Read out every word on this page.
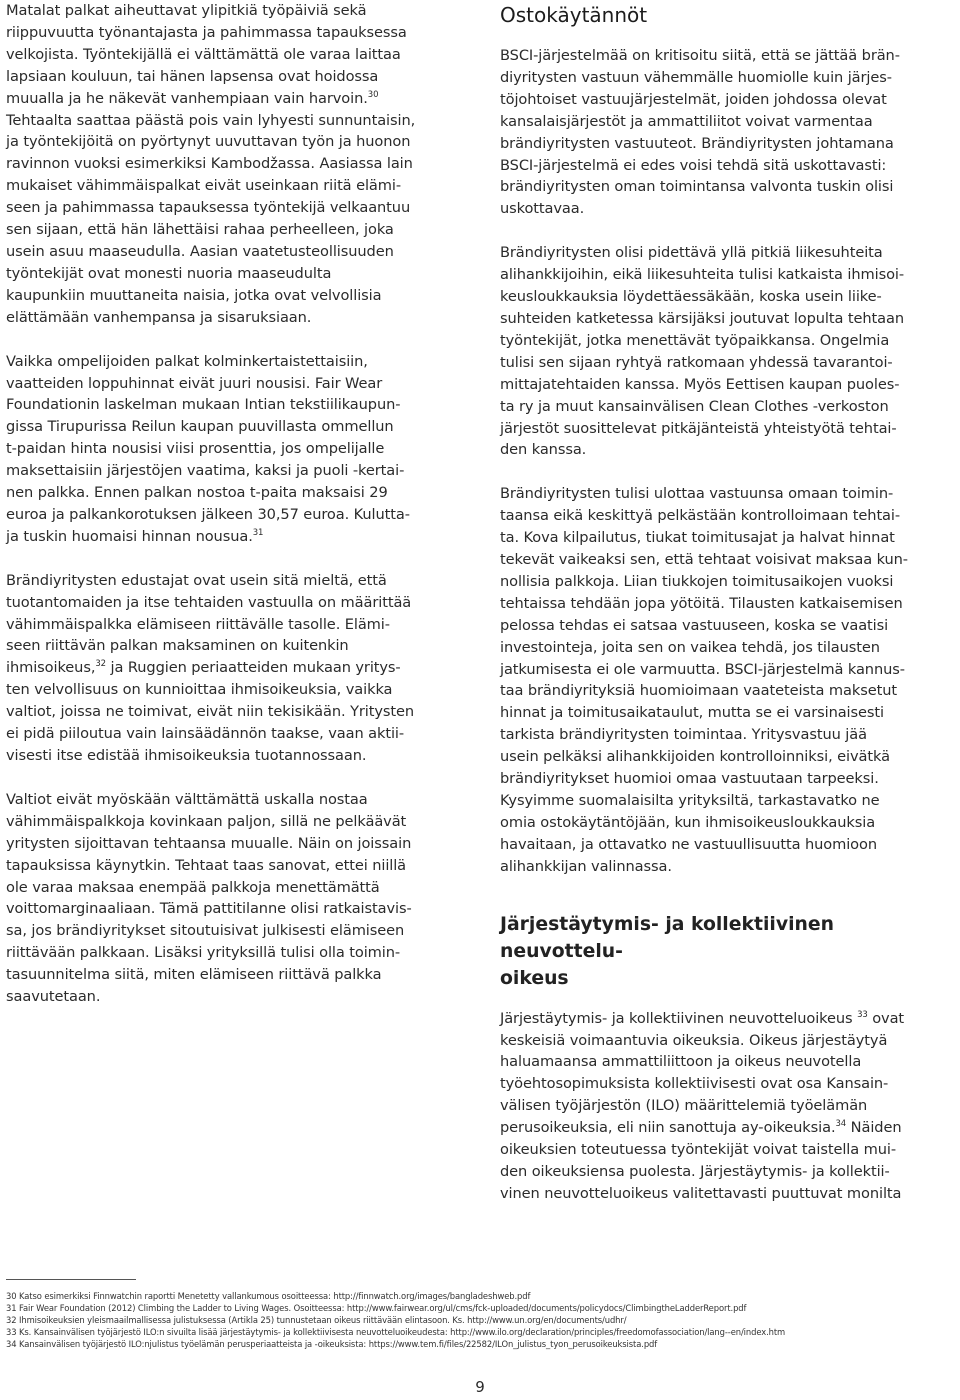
Matalat palkat aiheuttavat ylipitkiä työpäiviä sekä

riippuvuutta työnantajasta ja pahimmassa tapauksessa

velkojista. Työntekijällä ei välttämättä ole varaa laittaa

lapsiaan kouluun, tai hänen lapsensa ovat hoidossa

muualla ja he näkevät vanhempiaan vain harvoin.$^{30}$

Tehtaalta saattaa päästä pois vain lyhyesti sunnuntaisin,

ja työntekijöitä on pyörtynyt uuvuttavan työn ja huonon

ravinnon vuoksi esimerkiksi Kambodžassa. Aasiassa lain

mukaiset vähimmäispalkat eivät useinkaan riitä elämi-

seen ja pahimmassa tapauksessa työntekijä velkaantuu

sen sijaan, että hän lähettäisi rahaa perheelleen, joka

usein asuu maaseudulla. Aasian vaatetusteollisuuden

työntekijät ovat monesti nuoria maaseudulta

kaupunkiin muuttaneita naisia, jotka ovat velvollisia

elättämään vanhempansa ja sisaruksiaan.

Vaikka ompelijoiden palkat kolminkertaistettaisiin,

vaatteiden loppuhinnat eivät juuri nousisi. Fair Wear

Foundationin laskelman mukaan Intian tekstiilikaupun-

gissa Tirupurissa Reilun kaupan puuvillasta ommellun

t-paidan hinta nousisi viisi prosenttia, jos ompelijalle

maksettaisiin järjestöjen vaatima, kaksi ja puoli -kertai-

nen palkka. Ennen palkan nostoa t-paita maksaisi 29

euroa ja palkankorotuksen jälkeen 30,57 euroa. Kulutta-

ja tuskin huomaisi hinnan nousua.$^{31}$

Brändiyritysten edustajat ovat usein sitä mieltä, että

tuotantomaiden ja itse tehtaiden vastuulla on määrittää

vähimmäispalkka elämiseen riittävälle tasolle. Elämi-

seen riittävän palkan maksaminen on kuitenkin

ihmisoikeus,$^{32}$ ja Ruggien periaatteiden mukaan yritys-

ten velvollisuus on kunnioittaa ihmisoikeuksia, vaikka

valtiot, joissa ne toimivat, eivät niin tekisikään. Yritysten

ei pidä piiloutua vain lainsäädännön taakse, vaan aktii-

visesti itse edistää ihmisoikeuksia tuotannossaan.

Valtiot eivät myöskään välttämättä uskalla nostaa

vähimmäispalkkoja kovinkaan paljon, sillä ne pelkäävät

yritysten sijoittavan tehtaansa muualle. Näin on joissain

tapauksissa käynytkin. Tehtaat taas sanovat, ettei niillä

ole varaa maksaa enempää palkkoja menettämättä

voittomarginaaliaan. Tämä pattitilanne olisi ratkaistavis-

sa, jos brändiyritykset sitoutuisivat julkisesti elämiseen

riittävään palkkaan. Lisäksi yrityksillä tulisi olla toimin-

tasuunnitelma siitä, miten elämiseen riittävä palkka

saavutetaan.

Ostokäytännöt

BSCI-järjestelmää on kritisoitu siitä, että se jättää brän-

diyritysten vastuun vähemmälle huomiolle kuin järjes-

töjohtoiset vastuujärjestelmät, joiden johdossa olevat

kansalaisjärjestöt ja ammattiliitot voivat varmentaa

brändiyritysten vastuuteot. Brändiyritysten johtamana

BSCI-järjestelmä ei edes voisi tehdä sitä uskottavasti:

brändiyritysten oman toimintansa valvonta tuskin olisi

uskottavaa.

Brändiyritysten olisi pidettävä yllä pitkiä liikesuhteita

alihankkijoihin, eikä liikesuhteita tulisi katkaista ihmisoi-

keusloukkauksia löydettäessäkään, koska usein liike-

suhteiden katketessa kärsijäksi joutuvat lopulta tehtaan

työntekijät, jotka menettävät työpaikkansa. Ongelmia

tulisi sen sijaan ryhtyä ratkomaan yhdessä tavarantoi-

mittajatehtaiden kanssa. Myös Eettisen kaupan puoles-

ta ry ja muut kansainvälisen Clean Clothes -verkoston

järjestöt suosittelevat pitkäjänteistä yhteistyötä tehtai-

den kanssa.

Brändiyritysten tulisi ulottaa vastuunsa omaan toimin-

taansa eikä keskittyä pelkästään kontrolloimaan tehtai-

ta. Kova kilpailutus, tiukat toimitusajat ja halvat hinnat

tekevät vaikeaksi sen, että tehtaat voisivat maksaa kun-

nollisia palkkoja. Liian tiukkojen toimitusaikojen vuoksi

tehtaissa tehdään jopa yötöitä. Tilausten katkaisemisen

pelossa tehdas ei satsaa vastuuseen, koska se vaatisi

investointeja, joita sen on vaikea tehdä, jos tilausten

jatkumisesta ei ole varmuutta. BSCI-järjestelmä kannus-

taa brändiyrityksiä huomioimaan vaateteista maksetut

hinnat ja toimitusaikataulut, mutta se ei varsinaisesti

tarkista brändiyritysten toimintaa. Yritysvastuu jää

usein pelkäksi alihankkijoiden kontrolloinniksi, eivätkä

brändiyritykset huomioi omaa vastuutaan tarpeeksi.

Kysyimme suomalaisilta yrityksiltä, tarkastavatko ne

omia ostokäytäntöjään, kun ihmisoikeusloukkauksia

havaitaan, ja ottavatko ne vastuullisuutta huomioon

alihankkijan valinnassa.

Järjestäytymis- ja kollektiivinen neuvottelu-
oikeus

Järjestäytymis- ja kollektiivinen neuvotteluoikeus $^{33}$ ovat

keskeisiä voimaantuvia oikeuksia. Oikeus järjestäytyä

haluamaansa ammattiliittoon ja oikeus neuvotella

työehtosopimuksista kollektiivisesti ovat osa Kansain-

välisen työjärjestön (ILO) määrittelemiä työelämän

perusoikeuksia, eli niin sanottuja ay-oikeuksia.$^{34}$ Näiden

oikeuksien toteutuessa työntekijät voivat taistella mui-

den oikeuksiensa puolesta. Järjestäytymis- ja kollektii-

vinen neuvotteluoikeus valitettavasti puuttuvat monilta

30 Katso esimerkiksi Finnwatchin raportti Menetetty vallankumous osoitteessa: http://finnwatch.org/images/bangladeshweb.pdf

31 Fair Wear Foundation (2012) Climbing the Ladder to Living Wages. Osoitteessa: http://www.fairwear.org/ul/cms/fck-uploaded/documents/policydocs/ClimbingtheLadderReport.pdf

32 Ihmisoikeuksien yleismaailmallisessa julistuksessa (Artikla 25) tunnustetaan oikeus riittävään elintasoon. Ks. http://www.un.org/en/documents/udhr/

33 Ks. Kansainvälisen työjärjestö ILO:n sivuilta lisää järjestäytymis- ja kollektiivisesta neuvotteluoikeudesta: http://www.ilo.org/declaration/principles/freedomofassociation/lang--en/index.htm

34 Kansainvälisen työjärjestö ILO:njulistus työelämän perusperiaatteista ja -oikeuksista: https://www.tem.fi/files/22582/ILOn_julistus_tyon_perusoikeuksista.pdf

9
